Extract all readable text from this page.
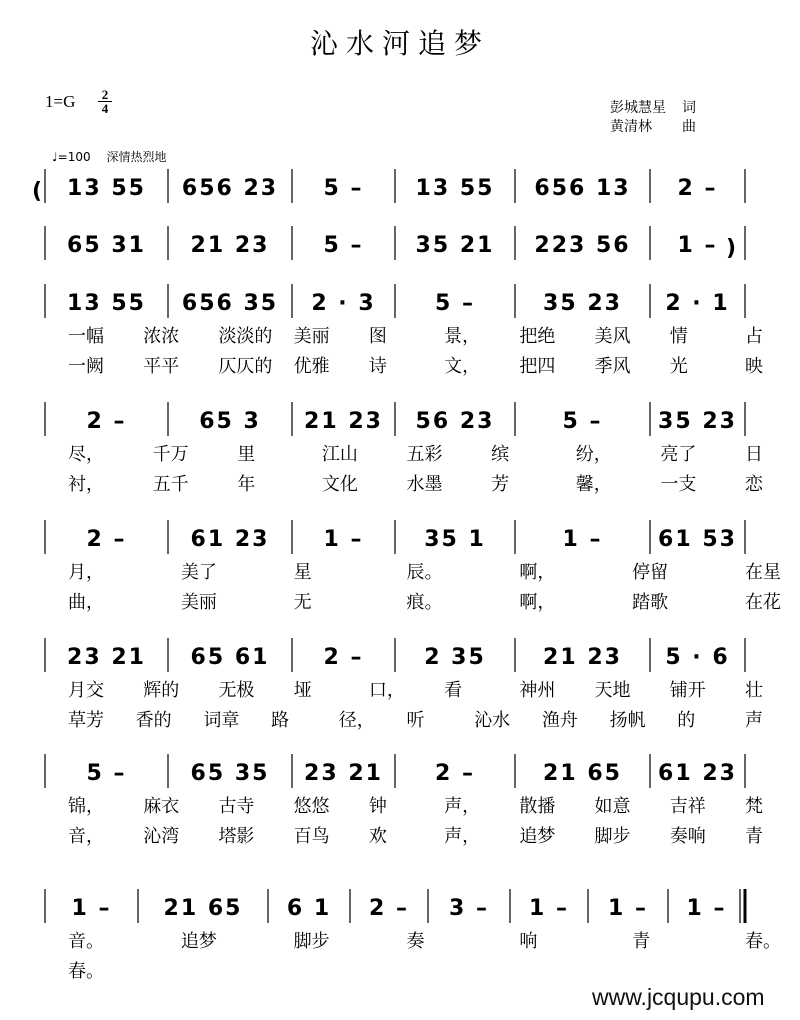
沁水河追梦
1=G 2
4	彭城慧星 词
黄清林 曲
♩=100 深情热烈地
13 55 656 23 5 – 13 55 656 13 2 –
65 31 21 23 5 – 35 21 223 56 1 –
13 55 656 35 2 · 3	5 –	35 23 2 · 1
2 –	65 3 21 23 56 23	5 –	35 23
2 –	61 23 1 –	35 1	1 –	61 53
23 21 65 61 2 –	2 35	21 23 5 · 6
5 –	65 35 23 21 2 –	21 65 61 23
1 – 21 65 6 1 2 – 3 – 1 – 1 – 1 –
(
)
一幅 浓浓 淡淡的 美丽 图	景， 把绝 美风 情	占
一阙 平平 仄仄的 优雅 诗	文， 把四 季风 光	映
尽，	千万	里	江山	五彩	缤	纷，	亮了	日
衬，	五千	年	文化	水墨	芳	馨，	一支	恋
月，	美了	星	辰。	啊，	停留	在星
曲，	美丽	无	痕。	啊，	踏歌	在花
月交 辉的 无极 垭	口， 看	神州 天地 铺开 壮
草芳 香的 词章 路	径， 听	沁水 渔舟 扬帆 的	声
锦， 麻衣 古寺 悠悠 钟	声， 散播 如意 吉祥 梵
音， 沁湾 塔影 百鸟 欢	声， 追梦 脚步 奏响 青
音。	追梦	脚步	奏	响	青	春。
春。
www.jcqupu.com
